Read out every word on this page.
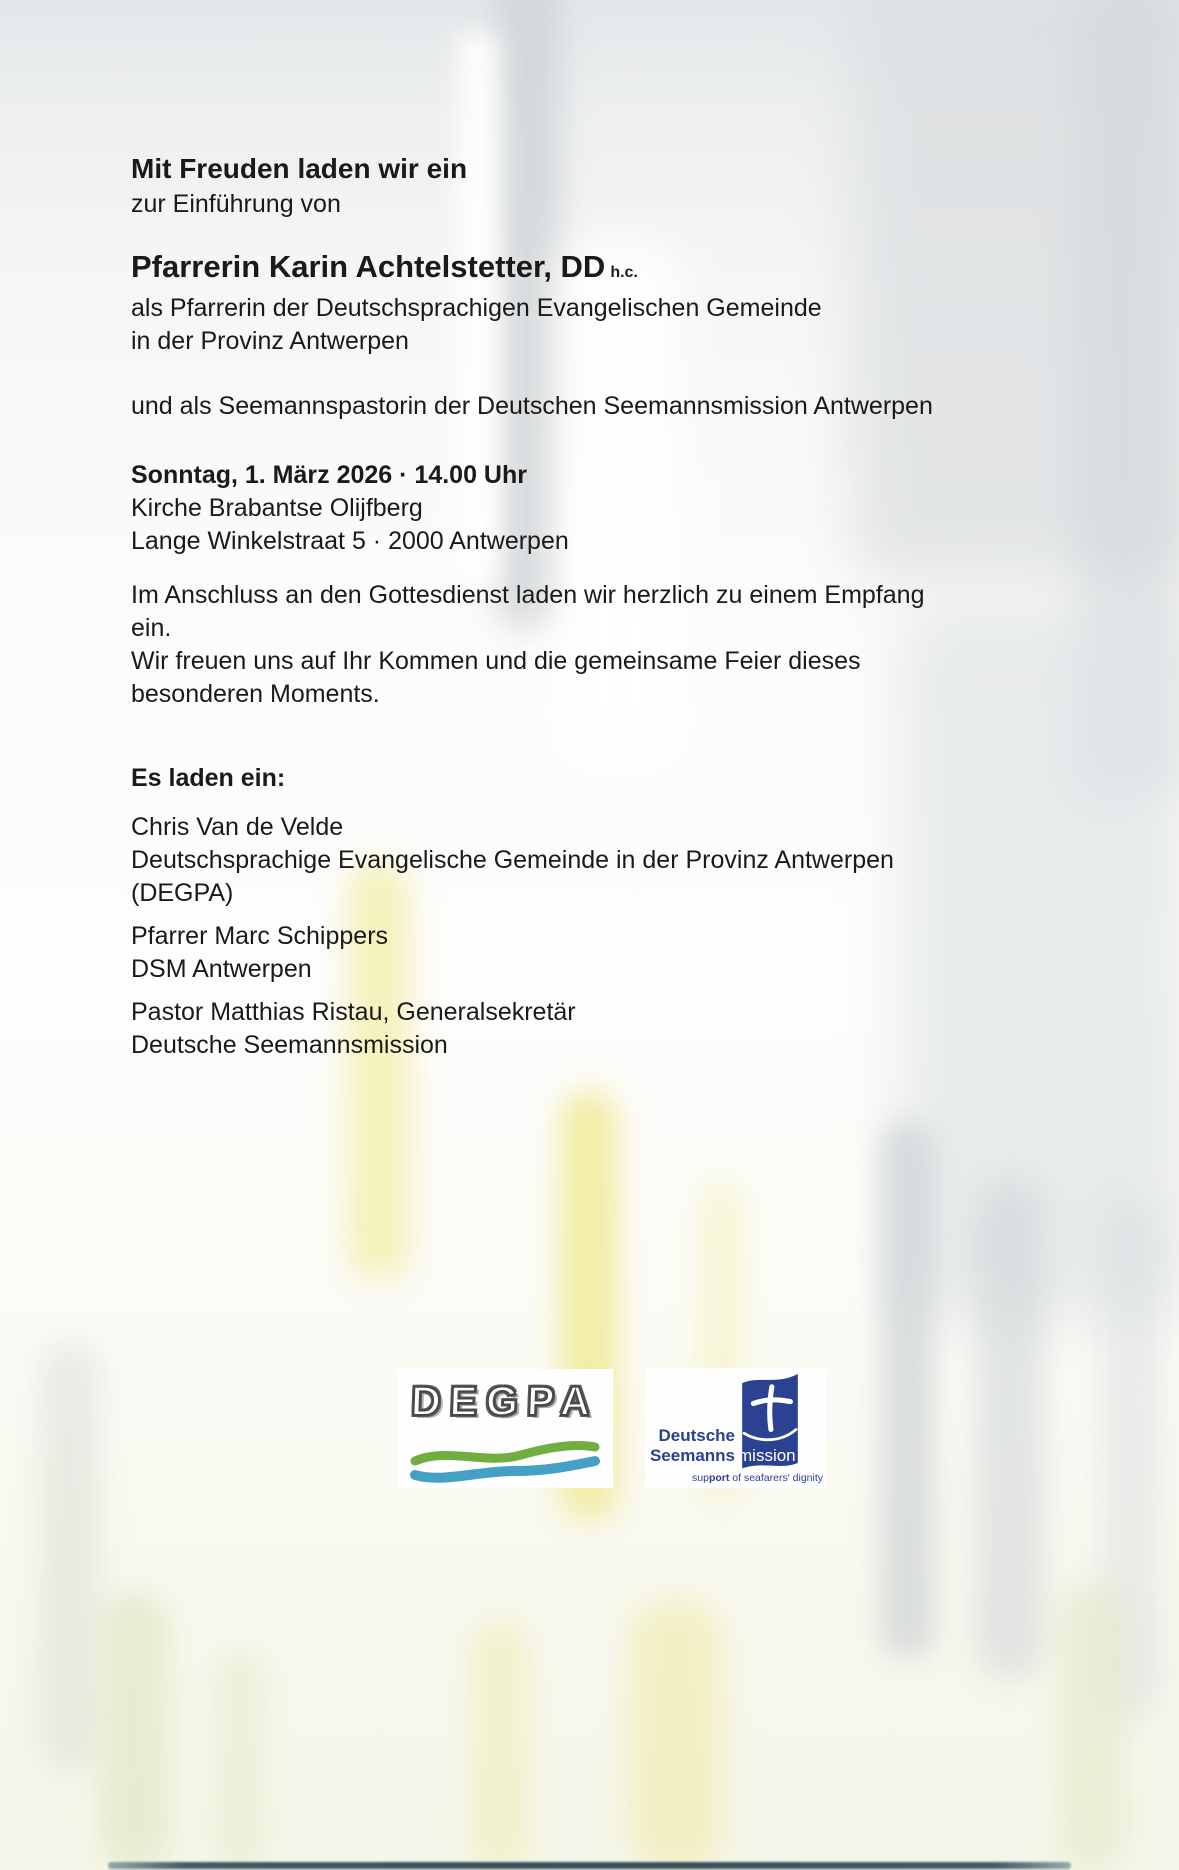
Mit Freuden laden wir ein
zur Einführung von
Pfarrerin Karin Achtelstetter, DD h.c.
als Pfarrerin der Deutschsprachigen Evangelischen Gemeinde
in der Provinz Antwerpen
und als Seemannspastorin der Deutschen Seemannsmission Antwerpen
Sonntag, 1. März 2026 · 14.00 Uhr
Kirche Brabantse Olijfberg
Lange Winkelstraat 5 · 2000 Antwerpen
Im Anschluss an den Gottesdienst laden wir herzlich zu einem Empfang
ein.
Wir freuen uns auf Ihr Kommen und die gemeinsame Feier dieses
besonderen Moments.
Es laden ein:
Chris Van de Velde
Deutschsprachige Evangelische Gemeinde in der Provinz Antwerpen
(DEGPA)
Pfarrer Marc Schippers
DSM Antwerpen
Pastor Matthias Ristau, Generalsekretär
Deutsche Seemannsmission
DEGPA
Deutsche
Seemanns mission
support of seafarers' dignity
